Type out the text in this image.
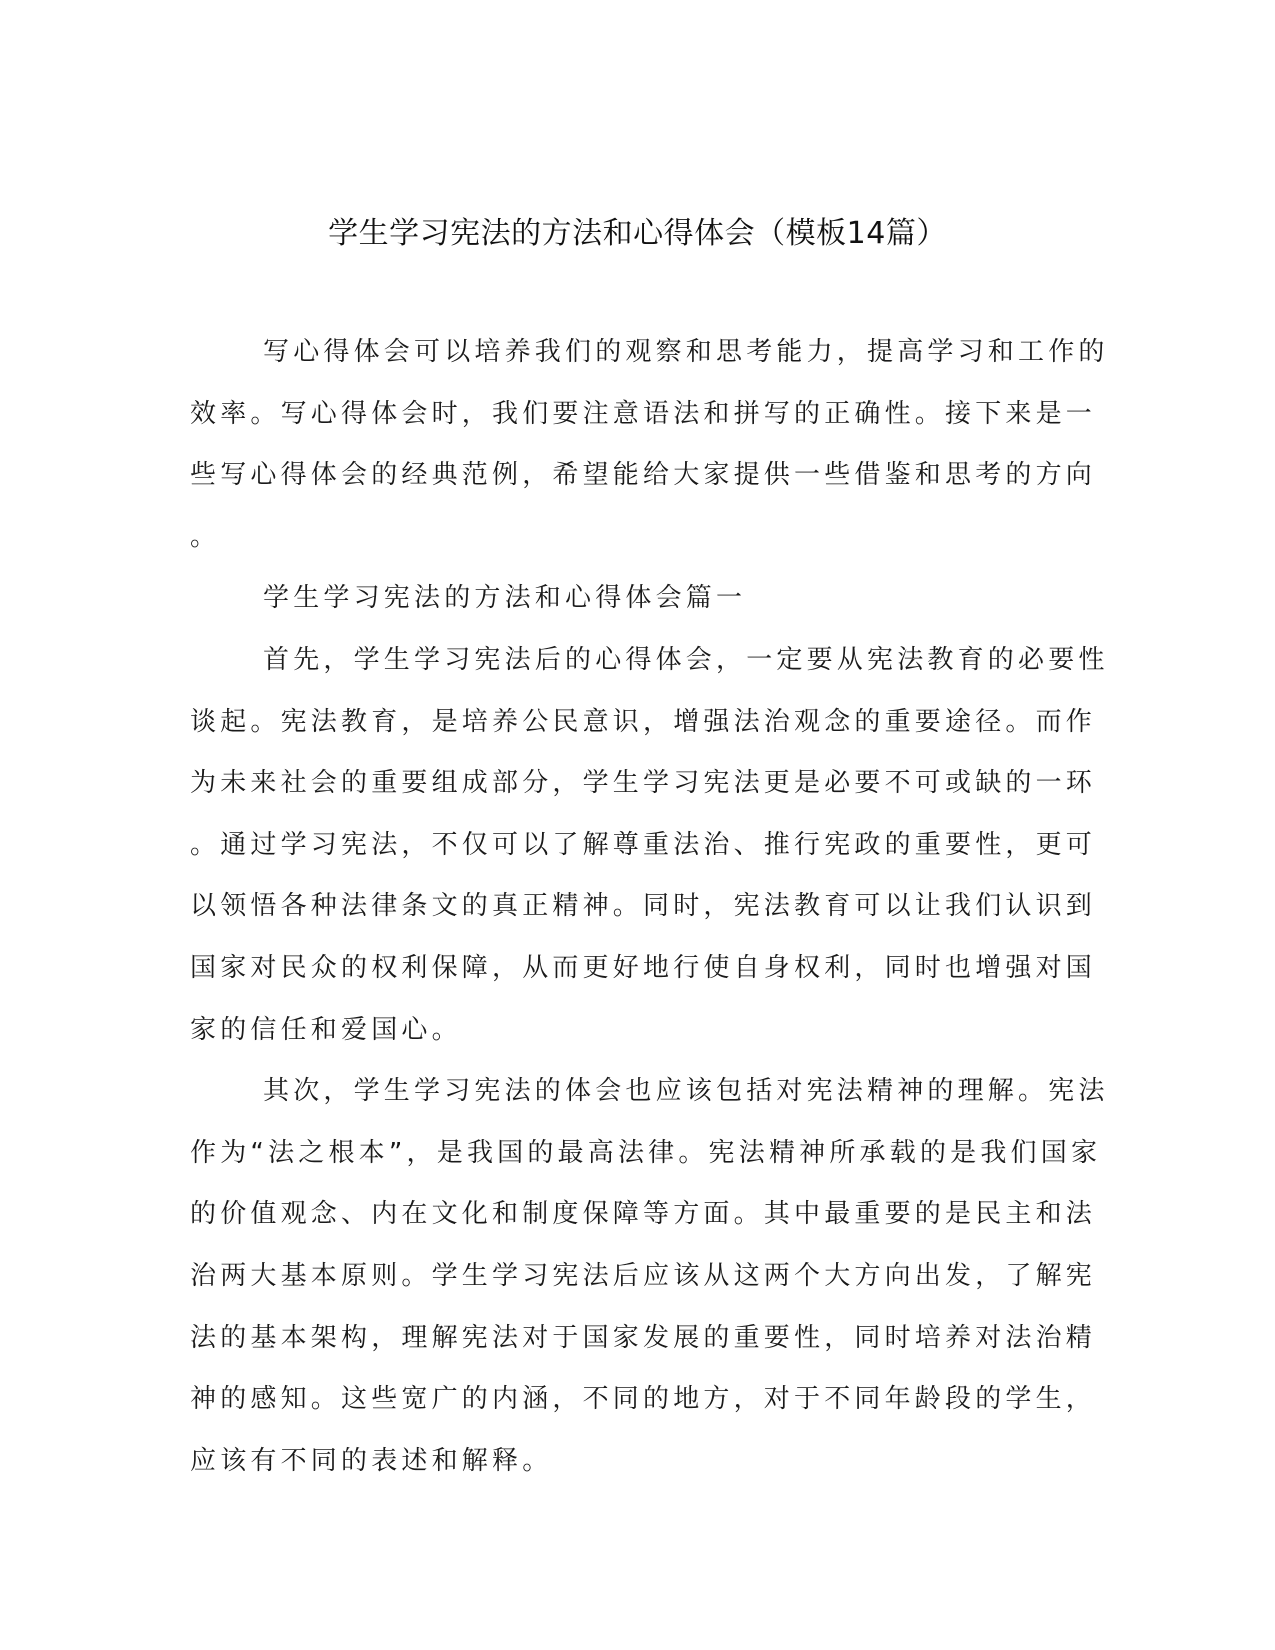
学生学习宪法的方法和心得体会（模板14篇）
写心得体会可以培养我们的观察和思考能力，提高学习和工作的
效率。写心得体会时，我们要注意语法和拼写的正确性。接下来是一
些写心得体会的经典范例，希望能给大家提供一些借鉴和思考的方向
。
学生学习宪法的方法和心得体会篇一
首先，学生学习宪法后的心得体会，一定要从宪法教育的必要性
谈起。宪法教育，是培养公民意识，增强法治观念的重要途径。而作
为未来社会的重要组成部分，学生学习宪法更是必要不可或缺的一环
。通过学习宪法，不仅可以了解尊重法治、推行宪政的重要性，更可
以领悟各种法律条文的真正精神。同时，宪法教育可以让我们认识到
国家对民众的权利保障，从而更好地行使自身权利，同时也增强对国
家的信任和爱国心。
其次，学生学习宪法的体会也应该包括对宪法精神的理解。宪法
作为“法之根本”，是我国的最高法律。宪法精神所承载的是我们国家
的价值观念、内在文化和制度保障等方面。其中最重要的是民主和法
治两大基本原则。学生学习宪法后应该从这两个大方向出发，了解宪
法的基本架构，理解宪法对于国家发展的重要性，同时培养对法治精
神的感知。这些宽广的内涵，不同的地方，对于不同年龄段的学生，
应该有不同的表述和解释。
